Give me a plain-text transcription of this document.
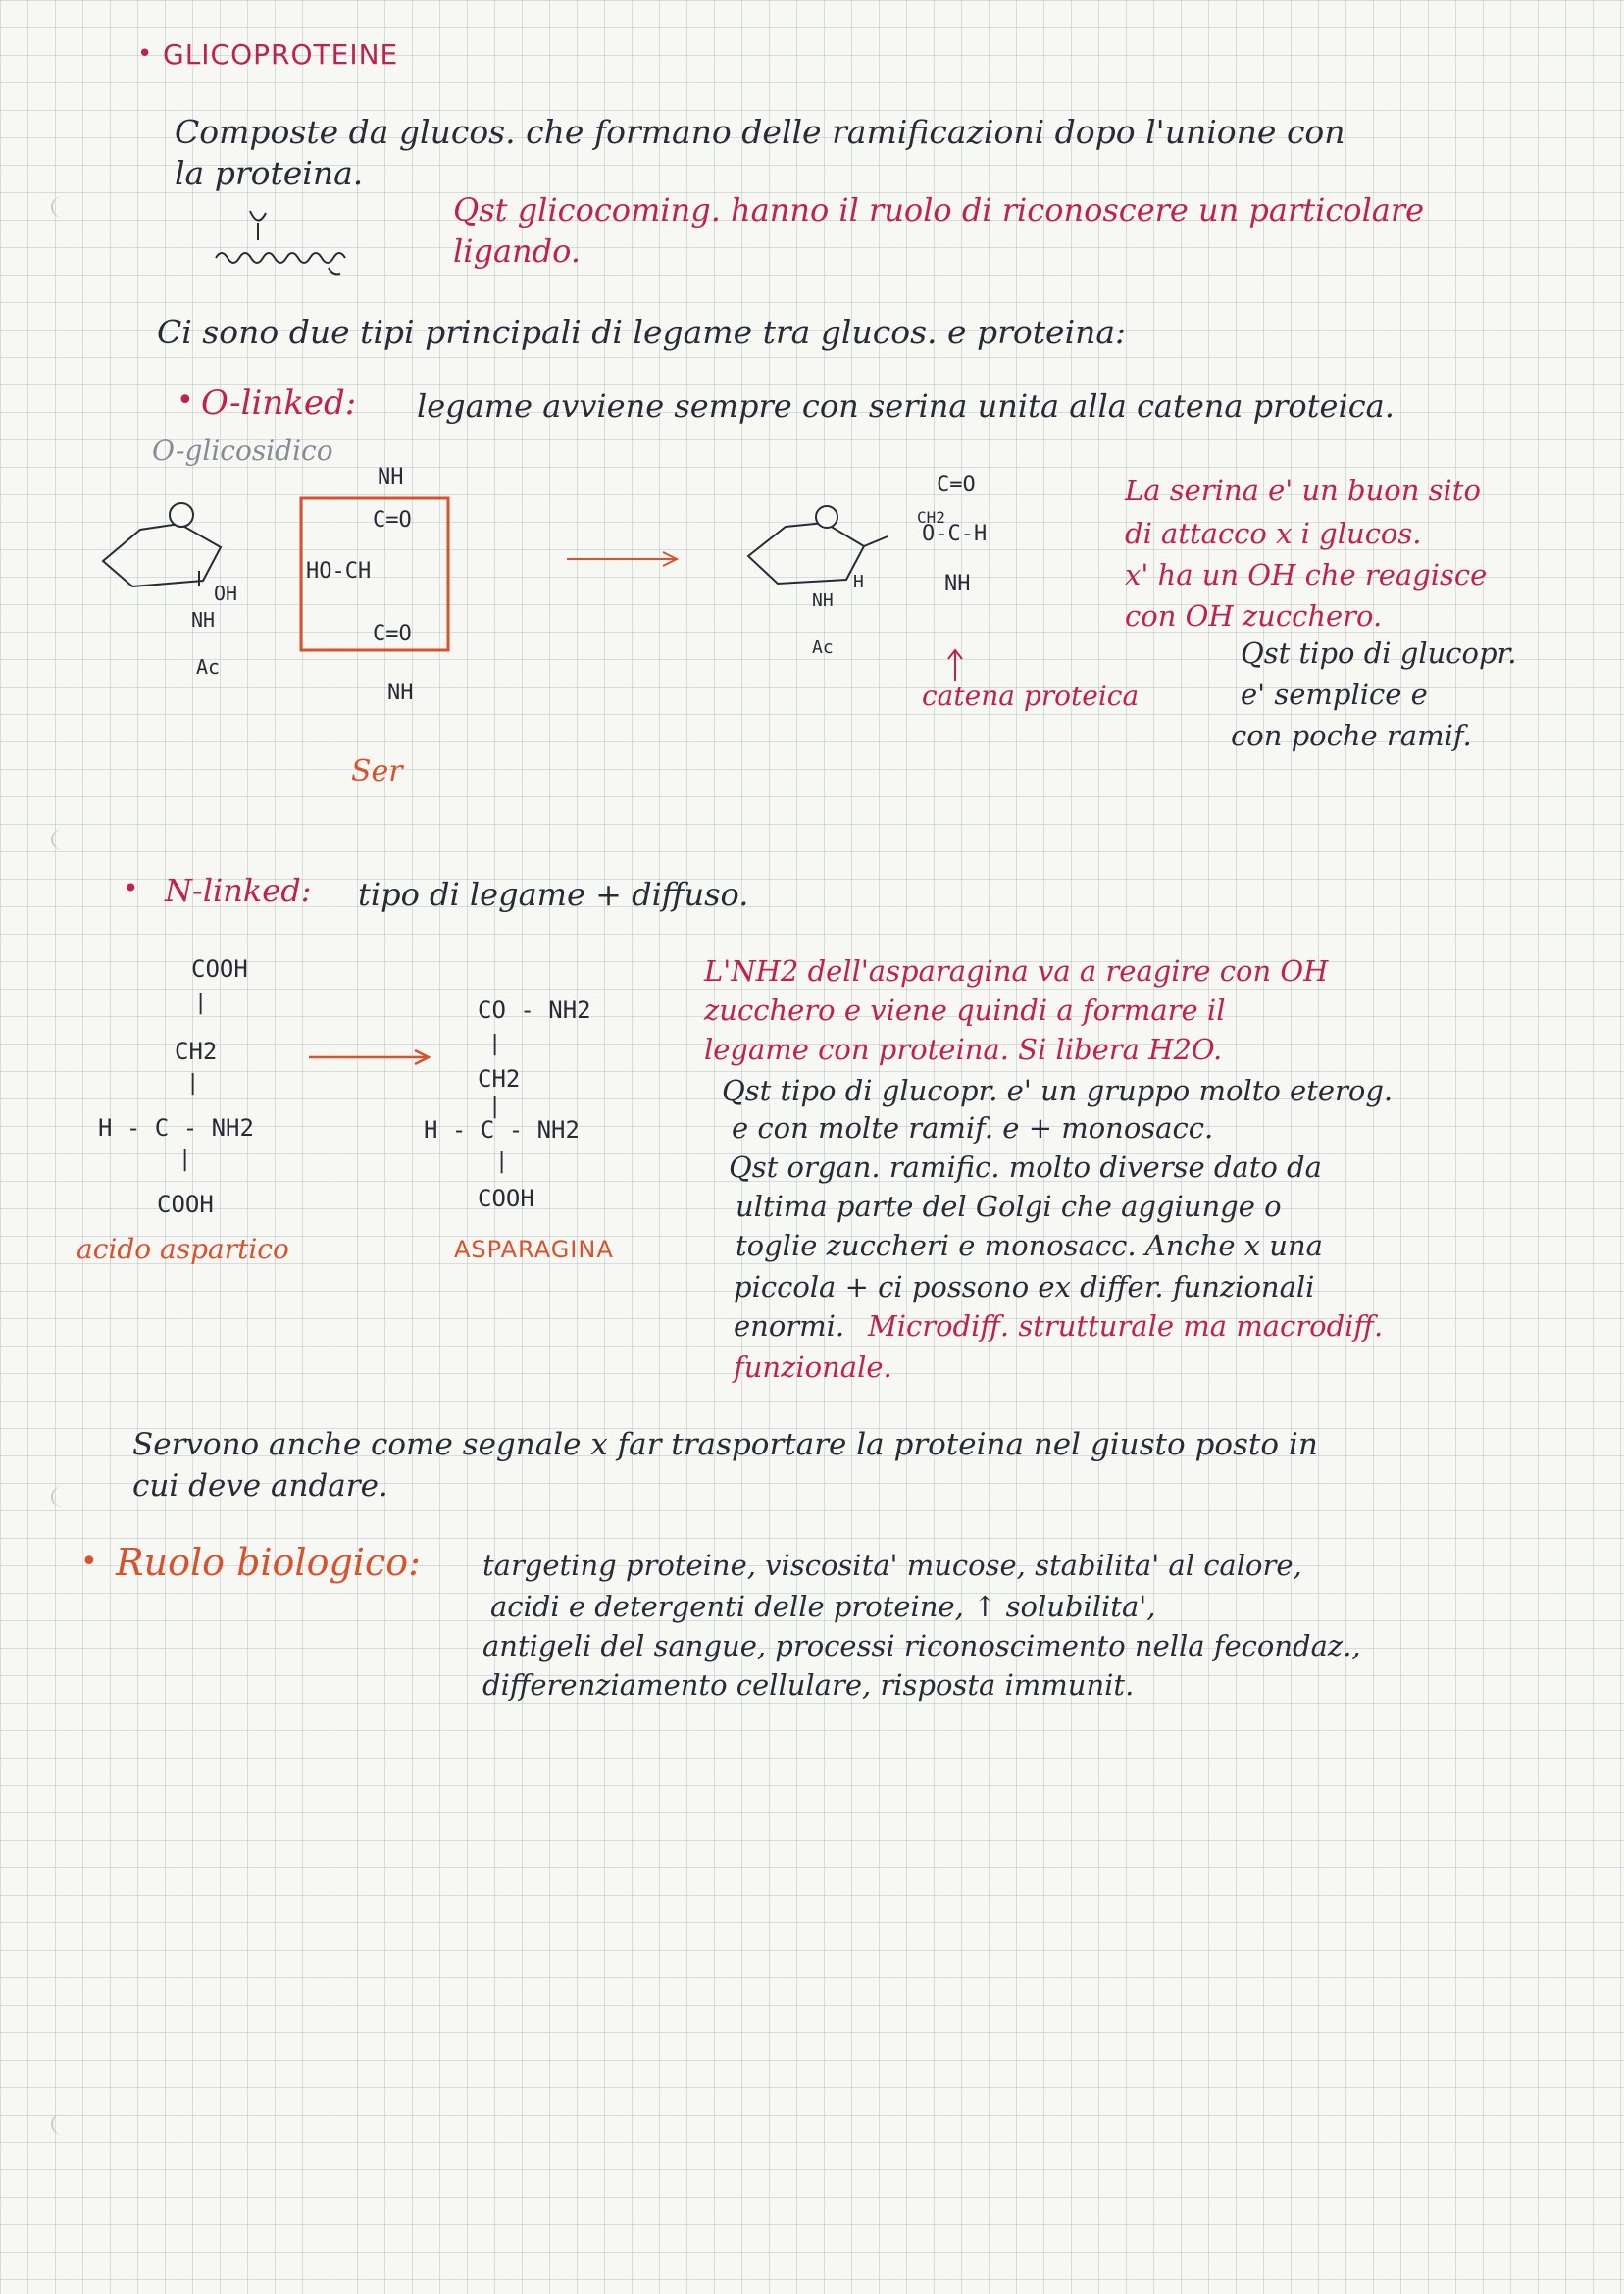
• GLICOPROTEINE
Composte da glucos. che formano delle ramificazioni dopo l'unione con
la proteina.
Qst glicocoming. hanno il ruolo di riconoscere un particolare
ligando.
Ci sono due tipi principali di legame tra glucos. e proteina:
• O-linked: legame avviene sempre con serina unita alla catena proteica.
O-glicosidico
OH
NH
Ac
NH
C=O
HO-CH
C=O
NH
Ser
C=O
CH2
O-C-H
NH
H
NH
Ac
catena proteica
La serina e' un buon sito
di attacco x i glucos.
x' ha un OH che reagisce
con OH zucchero.
Qst tipo di glucopr.
e' semplice e
con poche ramif.
• N-linked: tipo di legame + diffuso.
COOH
|
CH2
|
H - C - NH2
|
COOH
acido aspartico
CO - NH2
|
CH2
|
H - C - NH2
|
COOH
ASPARAGINA
L'NH2 dell'asparagina va a reagire con OH
zucchero e viene quindi a formare il
legame con proteina. Si libera H2O.
Qst tipo di glucopr. e' un gruppo molto eterog.
e con molte ramif. e + monosacc.
Qst organ. ramific. molto diverse dato da
ultima parte del Golgi che aggiunge o
toglie zuccheri e monosacc. Anche x una
piccola + ci possono ex differ. funzionali
enormi. Microdiff. strutturale ma macrodiff.
funzionale.
Servono anche come segnale x far trasportare la proteina nel giusto posto in
cui deve andare.
• Ruolo biologico: targeting proteine, viscosita' mucose, stabilita' al calore,
acidi e detergenti delle proteine, ↑ solubilita',
antigeli del sangue, processi riconoscimento nella fecondaz.,
differenziamento cellulare, risposta immunit.
